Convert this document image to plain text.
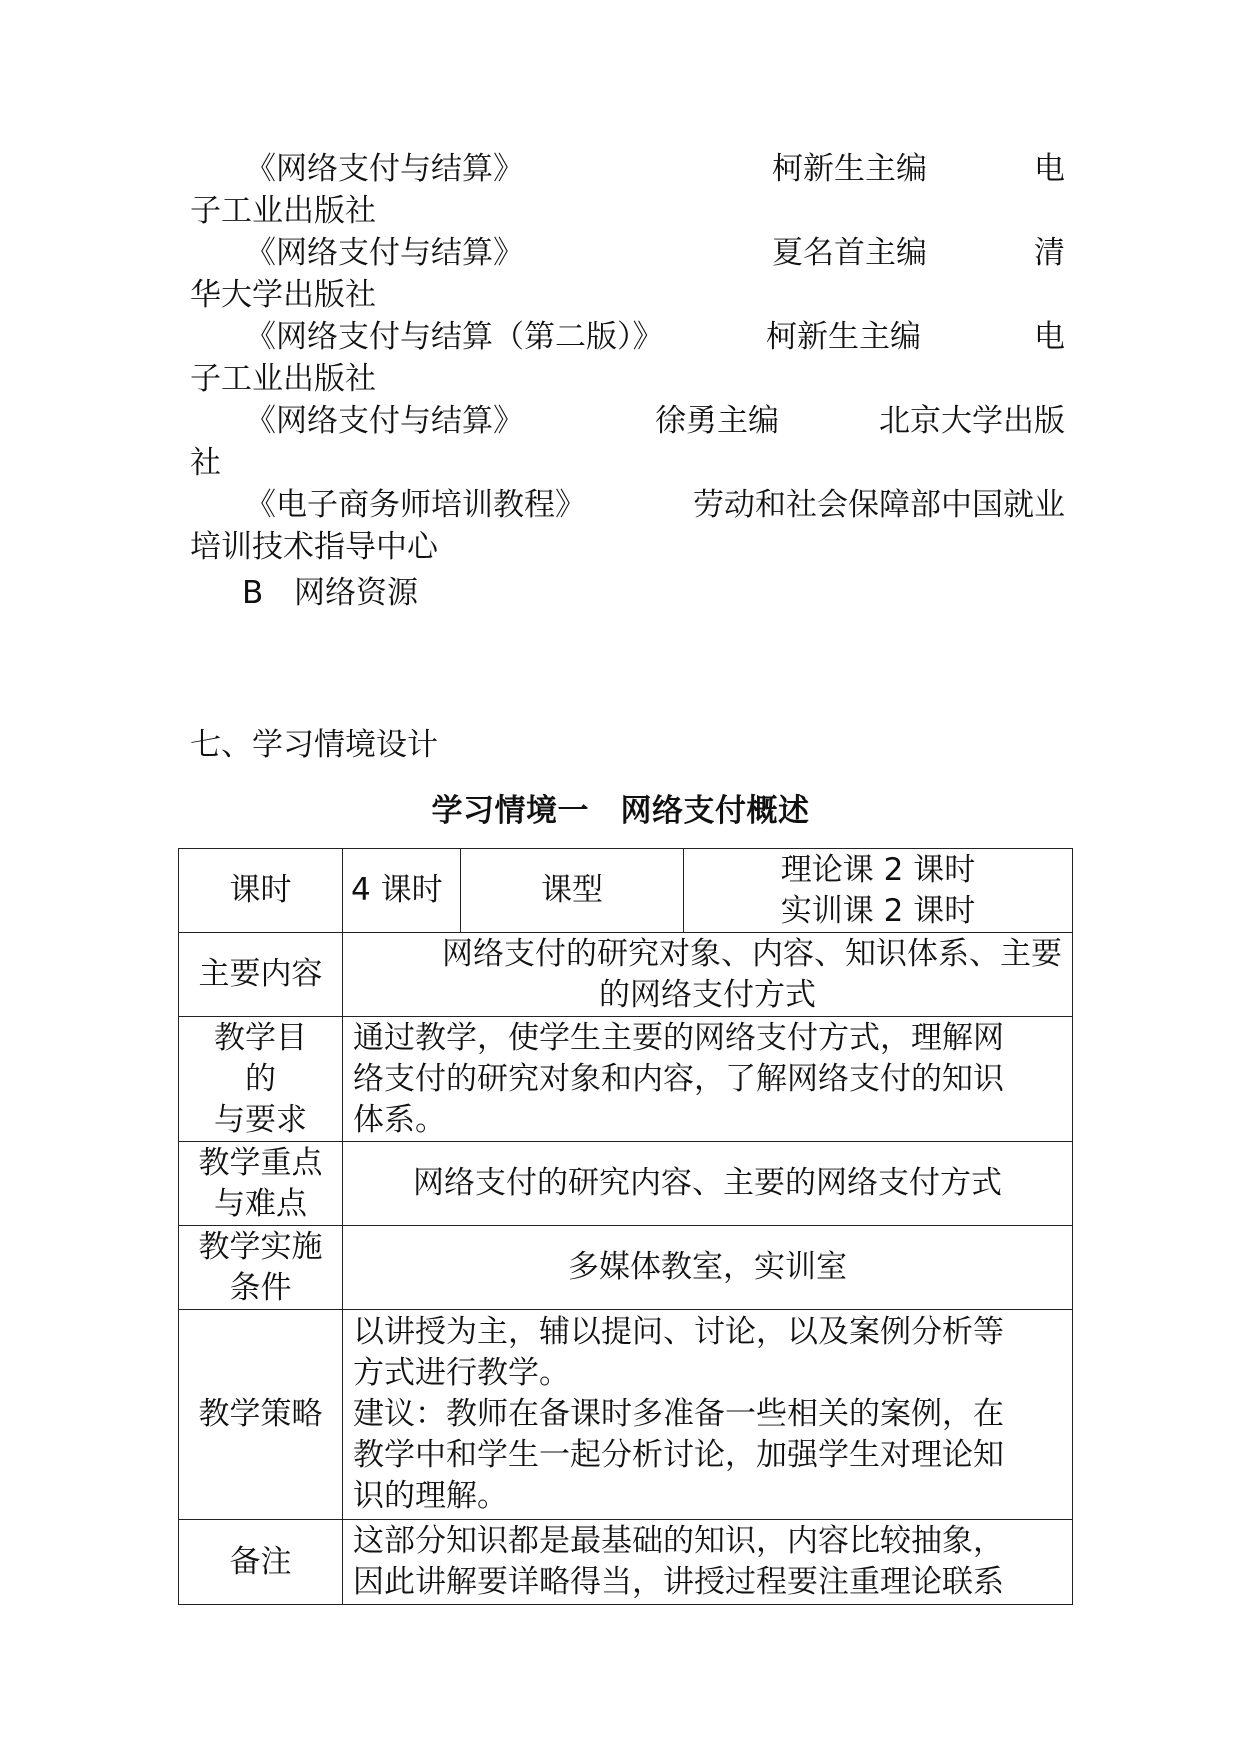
《网络支付与结算》	柯新生主编	电
子工业出版社
《网络支付与结算》	夏名首主编	清
华大学出版社
《网络支付与结算（第二版）》	柯新生主编	电
子工业出版社
《网络支付与结算》	徐勇主编	北京大学出版
社
《电子商务师培训教程》	劳动和社会保障部中国就业
培训技术指导中心
B 网络资源
七、学习情境设计
学习情境一　网络支付概述
课时	4 课时	课型	理论课 2 课时
实训课 2 课时

主要内容	网络支付的研究对象、内容、知识体系、主要
的网络支付方式		

教学目
的
与要求	通过教学，使学生主要的网络支付方式，理解网
络支付的研究对象和内容，了解网络支付的知识
体系。		

教学重点
与难点	网络支付的研究内容、主要的网络支付方式		

教学实施
条件	多媒体教室，实训室		
教学策略	以讲授为主，辅以提问、讨论，以及案例分析等
方式进行教学。
建议：教师在备课时多准备一些相关的案例，在
教学中和学生一起分析讨论，加强学生对理论知
识的理解。		

备注	这部分知识都是最基础的知识，内容比较抽象，
因此讲解要详略得当，讲授过程要注重理论联系		
